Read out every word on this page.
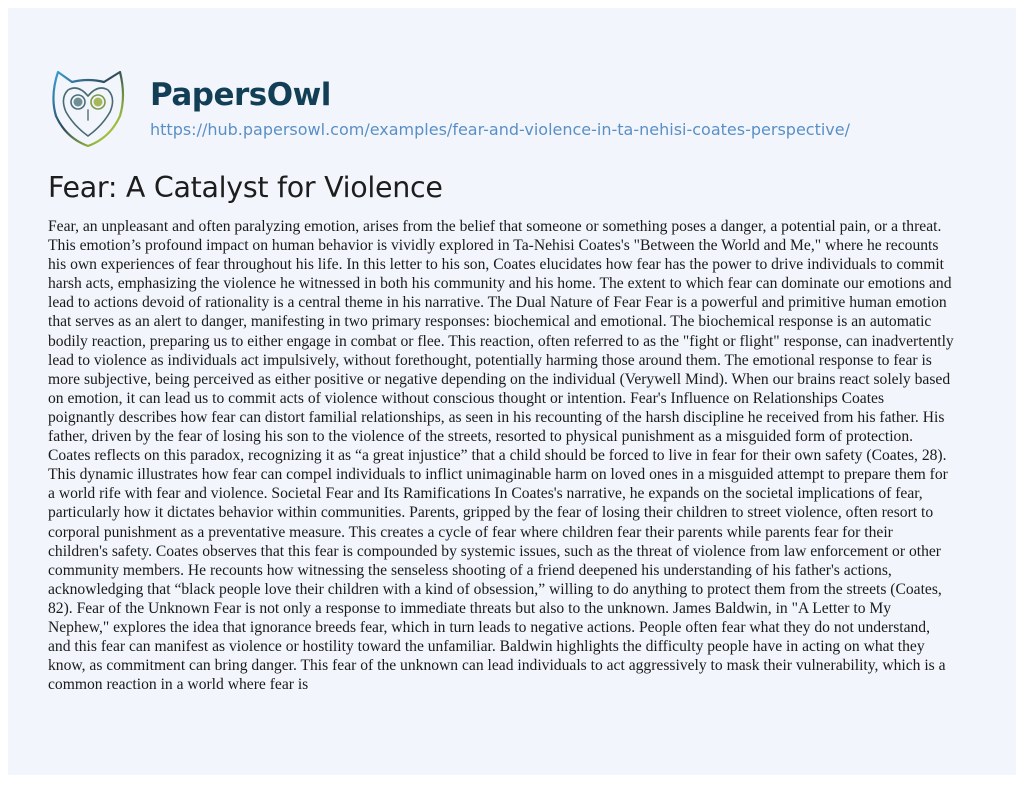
PapersOwl
https://hub.papersowl.com/examples/fear-and-violence-in-ta-nehisi-coates-perspective/
Fear: A Catalyst for Violence

Fear, an unpleasant and often paralyzing emotion, arises from the belief that someone or something poses a danger, a potential pain, or a threat.
This emotion’s profound impact on human behavior is vividly explored in Ta-Nehisi Coates's "Between the World and Me," where he recounts
his own experiences of fear throughout his life. In this letter to his son, Coates elucidates how fear has the power to drive individuals to commit
harsh acts, emphasizing the violence he witnessed in both his community and his home. The extent to which fear can dominate our emotions and
lead to actions devoid of rationality is a central theme in his narrative. The Dual Nature of Fear Fear is a powerful and primitive human emotion
that serves as an alert to danger, manifesting in two primary responses: biochemical and emotional. The biochemical response is an automatic
bodily reaction, preparing us to either engage in combat or flee. This reaction, often referred to as the "fight or flight" response, can inadvertently
lead to violence as individuals act impulsively, without forethought, potentially harming those around them. The emotional response to fear is
more subjective, being perceived as either positive or negative depending on the individual (Verywell Mind). When our brains react solely based
on emotion, it can lead us to commit acts of violence without conscious thought or intention. Fear's Influence on Relationships Coates
poignantly describes how fear can distort familial relationships, as seen in his recounting of the harsh discipline he received from his father. His
father, driven by the fear of losing his son to the violence of the streets, resorted to physical punishment as a misguided form of protection.
Coates reflects on this paradox, recognizing it as “a great injustice” that a child should be forced to live in fear for their own safety (Coates, 28).
This dynamic illustrates how fear can compel individuals to inflict unimaginable harm on loved ones in a misguided attempt to prepare them for
a world rife with fear and violence. Societal Fear and Its Ramifications In Coates's narrative, he expands on the societal implications of fear,
particularly how it dictates behavior within communities. Parents, gripped by the fear of losing their children to street violence, often resort to
corporal punishment as a preventative measure. This creates a cycle of fear where children fear their parents while parents fear for their
children's safety. Coates observes that this fear is compounded by systemic issues, such as the threat of violence from law enforcement or other
community members. He recounts how witnessing the senseless shooting of a friend deepened his understanding of his father's actions,
acknowledging that “black people love their children with a kind of obsession,” willing to do anything to protect them from the streets (Coates,
82). Fear of the Unknown Fear is not only a response to immediate threats but also to the unknown. James Baldwin, in "A Letter to My
Nephew," explores the idea that ignorance breeds fear, which in turn leads to negative actions. People often fear what they do not understand,
and this fear can manifest as violence or hostility toward the unfamiliar. Baldwin highlights the difficulty people have in acting on what they
know, as commitment can bring danger. This fear of the unknown can lead individuals to act aggressively to mask their vulnerability, which is a
common reaction in a world where fear is
